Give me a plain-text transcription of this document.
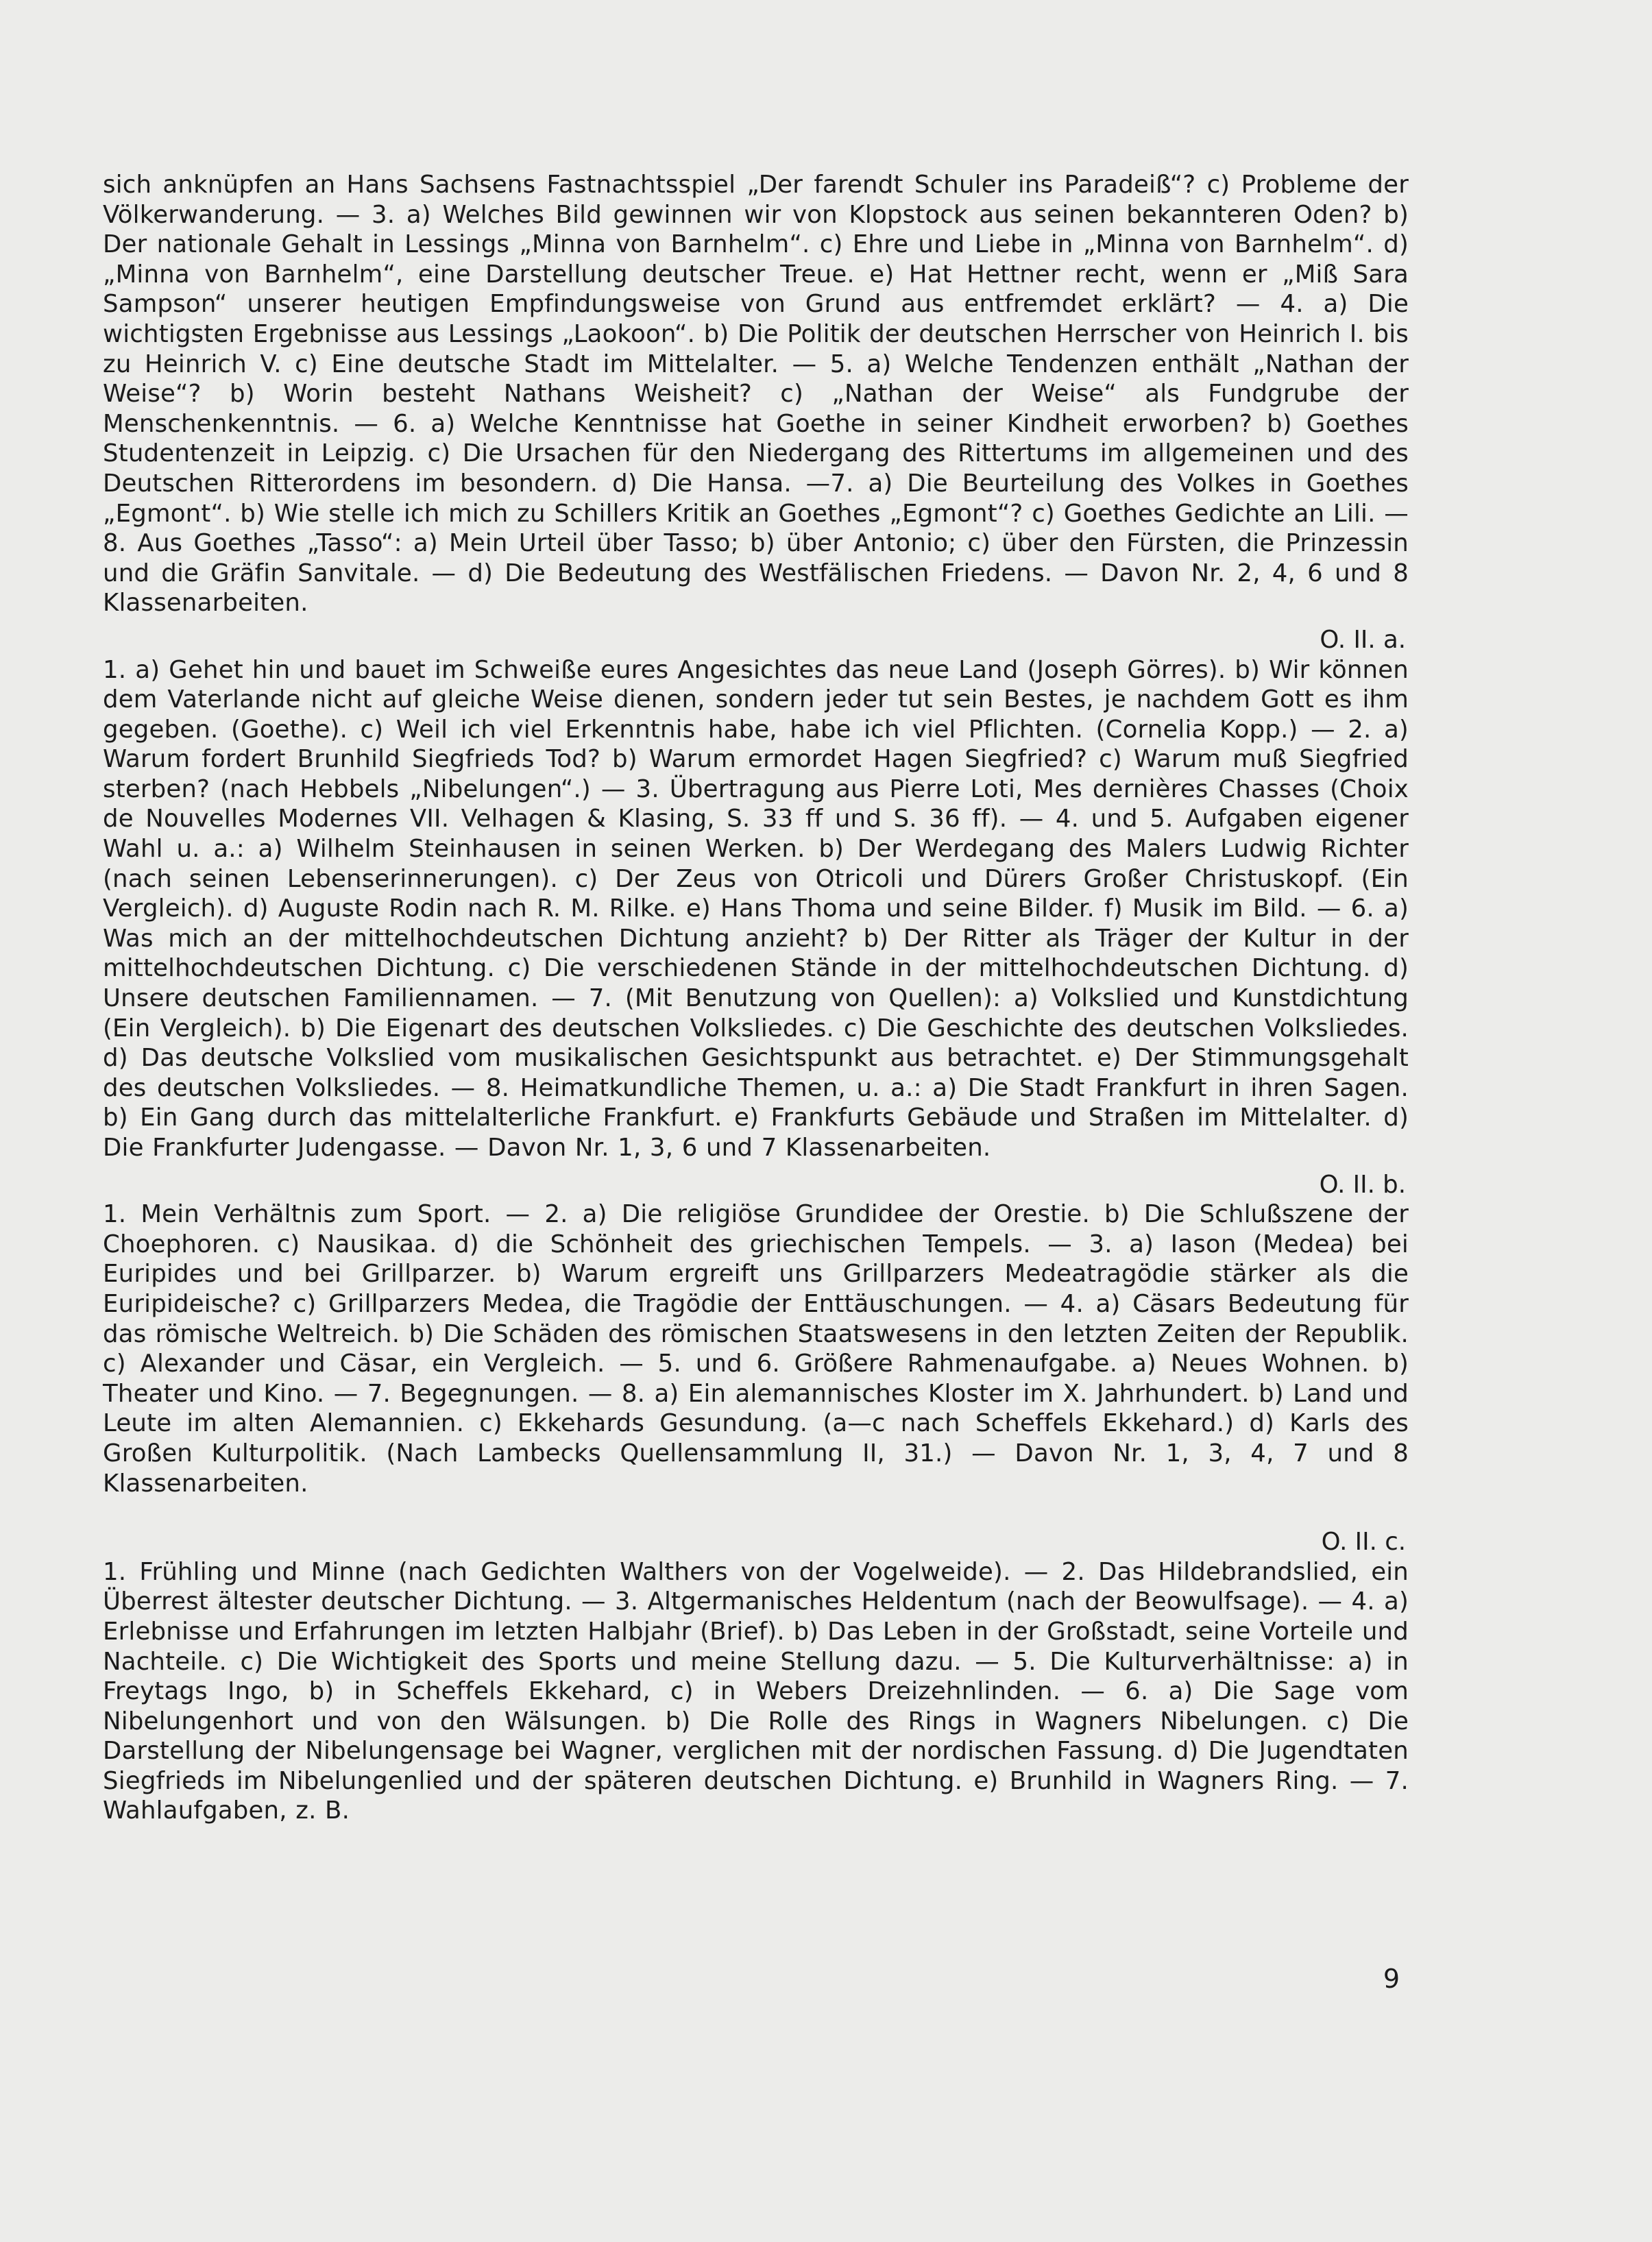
sich anknüpfen an Hans Sachsens Fastnachtsspiel „Der farendt Schuler ins Paradeiß“? c) Probleme der Völkerwanderung. — 3. a) Welches Bild gewinnen wir von Klopstock aus seinen bekannteren Oden? b) Der nationale Gehalt in Lessings „Minna von Barnhelm“. c) Ehre und Liebe in „Minna von Barnhelm“. d) „Minna von Barnhelm“, eine Darstellung deutscher Treue. e) Hat Hettner recht, wenn er „Miß Sara Sampson“ unserer heutigen Empfindungsweise von Grund aus entfremdet erklärt? — 4. a) Die wichtigsten Ergebnisse aus Lessings „Laokoon“. b) Die Politik der deutschen Herrscher von Heinrich I. bis zu Heinrich V. c) Eine deutsche Stadt im Mittelalter. — 5. a) Welche Tendenzen enthält „Nathan der Weise“? b) Worin besteht Nathans Weisheit? c) „Nathan der Weise“ als Fundgrube der Menschenkenntnis. — 6. a) Welche Kenntnisse hat Goethe in seiner Kindheit erworben? b) Goethes Studentenzeit in Leipzig. c) Die Ursachen für den Niedergang des Rittertums im allgemeinen und des Deutschen Ritterordens im besondern. d) Die Hansa. —7. a) Die Beurteilung des Volkes in Goethes „Egmont“. b) Wie stelle ich mich zu Schillers Kritik an Goethes „Egmont“? c) Goethes Gedichte an Lili. — 8. Aus Goethes „Tasso“: a) Mein Urteil über Tasso; b) über Antonio; c) über den Fürsten, die Prinzessin und die Gräfin Sanvitale. — d) Die Bedeutung des Westfälischen Friedens. — Davon Nr. 2, 4, 6 und 8 Klassenarbeiten.

O. II. a.

1. a) Gehet hin und bauet im Schweiße eures Angesichtes das neue Land (Joseph Görres). b) Wir können dem Vaterlande nicht auf gleiche Weise dienen, sondern jeder tut sein Bestes, je nachdem Gott es ihm gegeben. (Goethe). c) Weil ich viel Erkenntnis habe, habe ich viel Pflichten. (Cornelia Kopp.) — 2. a) Warum fordert Brunhild Siegfrieds Tod? b) Warum ermordet Hagen Siegfried? c) Warum muß Siegfried sterben? (nach Hebbels „Nibelungen“.) — 3. Übertragung aus Pierre Loti, Mes dernières Chasses (Choix de Nouvelles Modernes VII. Velhagen & Klasing, S. 33 ff und S. 36 ff). — 4. und 5. Aufgaben eigener Wahl u. a.: a) Wilhelm Steinhausen in seinen Werken. b) Der Werdegang des Malers Ludwig Richter (nach seinen Lebenserinnerungen). c) Der Zeus von Otricoli und Dürers Großer Christuskopf. (Ein Vergleich). d) Auguste Rodin nach R. M. Rilke. e) Hans Thoma und seine Bilder. f) Musik im Bild. — 6. a) Was mich an der mittelhochdeutschen Dichtung anzieht? b) Der Ritter als Träger der Kultur in der mittelhochdeutschen Dichtung. c) Die verschiedenen Stände in der mittelhochdeutschen Dichtung. d) Unsere deutschen Familiennamen. — 7. (Mit Benutzung von Quellen): a) Volkslied und Kunstdichtung (Ein Vergleich). b) Die Eigenart des deutschen Volksliedes. c) Die Geschichte des deutschen Volksliedes. d) Das deutsche Volkslied vom musikalischen Gesichtspunkt aus betrachtet. e) Der Stimmungsgehalt des deutschen Volksliedes. — 8. Heimatkundliche Themen, u. a.: a) Die Stadt Frankfurt in ihren Sagen. b) Ein Gang durch das mittelalterliche Frankfurt. e) Frankfurts Gebäude und Straßen im Mittelalter. d) Die Frankfurter Judengasse. — Davon Nr. 1, 3, 6 und 7 Klassenarbeiten.

O. II. b.

1. Mein Verhältnis zum Sport. — 2. a) Die religiöse Grundidee der Orestie. b) Die Schlußszene der Choephoren. c) Nausikaa. d) die Schönheit des griechischen Tempels. — 3. a) Iason (Medea) bei Euripides und bei Grillparzer. b) Warum ergreift uns Grillparzers Medeatragödie stärker als die Euripideische? c) Grillparzers Medea, die Tragödie der Enttäuschungen. — 4. a) Cäsars Bedeutung für das römische Weltreich. b) Die Schäden des römischen Staatswesens in den letzten Zeiten der Republik. c) Alexander und Cäsar, ein Vergleich. — 5. und 6. Größere Rahmenaufgabe. a) Neues Wohnen. b) Theater und Kino. — 7. Begegnungen. — 8. a) Ein alemannisches Kloster im X. Jahrhundert. b) Land und Leute im alten Alemannien. c) Ekkehards Gesundung. (a—c nach Scheffels Ekkehard.) d) Karls des Großen Kulturpolitik. (Nach Lambecks Quellensammlung II, 31.) — Davon Nr. 1, 3, 4, 7 und 8 Klassenarbeiten.

O. II. c.

1. Frühling und Minne (nach Gedichten Walthers von der Vogelweide). — 2. Das Hildebrandslied, ein Überrest ältester deutscher Dichtung. — 3. Altgermanisches Heldentum (nach der Beowulfsage). — 4. a) Erlebnisse und Erfahrungen im letzten Halbjahr (Brief). b) Das Leben in der Großstadt, seine Vorteile und Nachteile. c) Die Wichtigkeit des Sports und meine Stellung dazu. — 5. Die Kulturverhältnisse: a) in Freytags Ingo, b) in Scheffels Ekkehard, c) in Webers Dreizehnlinden. — 6. a) Die Sage vom Nibelungenhort und von den Wälsungen. b) Die Rolle des Rings in Wagners Nibelungen. c) Die Darstellung der Nibelungensage bei Wagner, verglichen mit der nordischen Fassung. d) Die Jugendtaten Siegfrieds im Nibelungenlied und der späteren deutschen Dichtung. e) Brunhild in Wagners Ring. — 7. Wahlaufgaben, z. B.

9
